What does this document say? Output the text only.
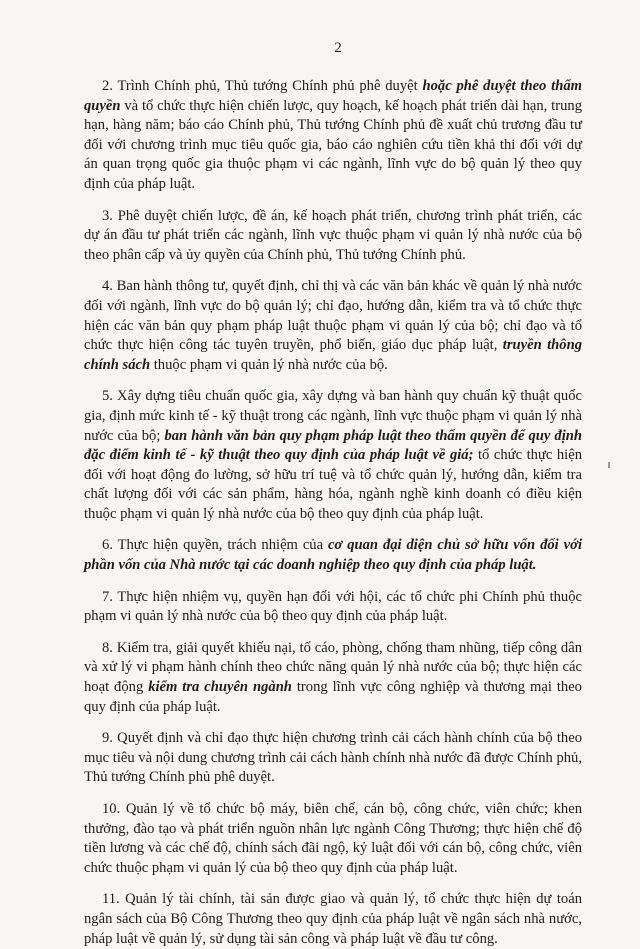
2

2. Trình Chính phủ, Thủ tướng Chính phủ phê duyệt hoặc phê duyệt theo thẩm quyền và tổ chức thực hiện chiến lược, quy hoạch, kế hoạch phát triển dài hạn, trung hạn, hàng năm; báo cáo Chính phủ, Thủ tướng Chính phủ đề xuất chủ trương đầu tư đối với chương trình mục tiêu quốc gia, báo cáo nghiên cứu tiền khả thi đối với dự án quan trọng quốc gia thuộc phạm vi các ngành, lĩnh vực do bộ quản lý theo quy định của pháp luật.

3. Phê duyệt chiến lược, đề án, kế hoạch phát triển, chương trình phát triển, các dự án đầu tư phát triển các ngành, lĩnh vực thuộc phạm vi quản lý nhà nước của bộ theo phân cấp và ủy quyền của Chính phủ, Thủ tướng Chính phủ.

4. Ban hành thông tư, quyết định, chỉ thị và các văn bản khác về quản lý nhà nước đối với ngành, lĩnh vực do bộ quản lý; chỉ đạo, hướng dẫn, kiểm tra và tổ chức thực hiện các văn bản quy phạm pháp luật thuộc phạm vi quản lý của bộ; chỉ đạo và tổ chức thực hiện công tác tuyên truyền, phổ biến, giáo dục pháp luật, truyền thông chính sách thuộc phạm vi quản lý nhà nước của bộ.

5. Xây dựng tiêu chuẩn quốc gia, xây dựng và ban hành quy chuẩn kỹ thuật quốc gia, định mức kinh tế - kỹ thuật trong các ngành, lĩnh vực thuộc phạm vi quản lý nhà nước của bộ; ban hành văn bản quy phạm pháp luật theo thẩm quyền để quy định đặc điểm kinh tế - kỹ thuật theo quy định của pháp luật về giá; tổ chức thực hiện đối với hoạt động đo lường, sở hữu trí tuệ và tổ chức quản lý, hướng dẫn, kiểm tra chất lượng đối với các sản phẩm, hàng hóa, ngành nghề kinh doanh có điều kiện thuộc phạm vi quản lý nhà nước của bộ theo quy định của pháp luật.

6. Thực hiện quyền, trách nhiệm của cơ quan đại diện chủ sở hữu vốn đối với phần vốn của Nhà nước tại các doanh nghiệp theo quy định của pháp luật.

7. Thực hiện nhiệm vụ, quyền hạn đối với hội, các tổ chức phi Chính phủ thuộc phạm vi quản lý nhà nước của bộ theo quy định của pháp luật.

8. Kiểm tra, giải quyết khiếu nại, tố cáo, phòng, chống tham nhũng, tiếp công dân và xử lý vi phạm hành chính theo chức năng quản lý nhà nước của bộ; thực hiện các hoạt động kiểm tra chuyên ngành trong lĩnh vực công nghiệp và thương mại theo quy định của pháp luật.

9. Quyết định và chỉ đạo thực hiện chương trình cải cách hành chính của bộ theo mục tiêu và nội dung chương trình cải cách hành chính nhà nước đã được Chính phủ, Thủ tướng Chính phủ phê duyệt.

10. Quản lý về tổ chức bộ máy, biên chế, cán bộ, công chức, viên chức; khen thưởng, đào tạo và phát triển nguồn nhân lực ngành Công Thương; thực hiện chế độ tiền lương và các chế độ, chính sách đãi ngộ, kỷ luật đối với cán bộ, công chức, viên chức thuộc phạm vi quản lý của bộ theo quy định của pháp luật.

11. Quản lý tài chính, tài sản được giao và quản lý, tổ chức thực hiện dự toán ngân sách của Bộ Công Thương theo quy định của pháp luật về ngân sách nhà nước, pháp luật về quản lý, sử dụng tài sản công và pháp luật về đầu tư công.
